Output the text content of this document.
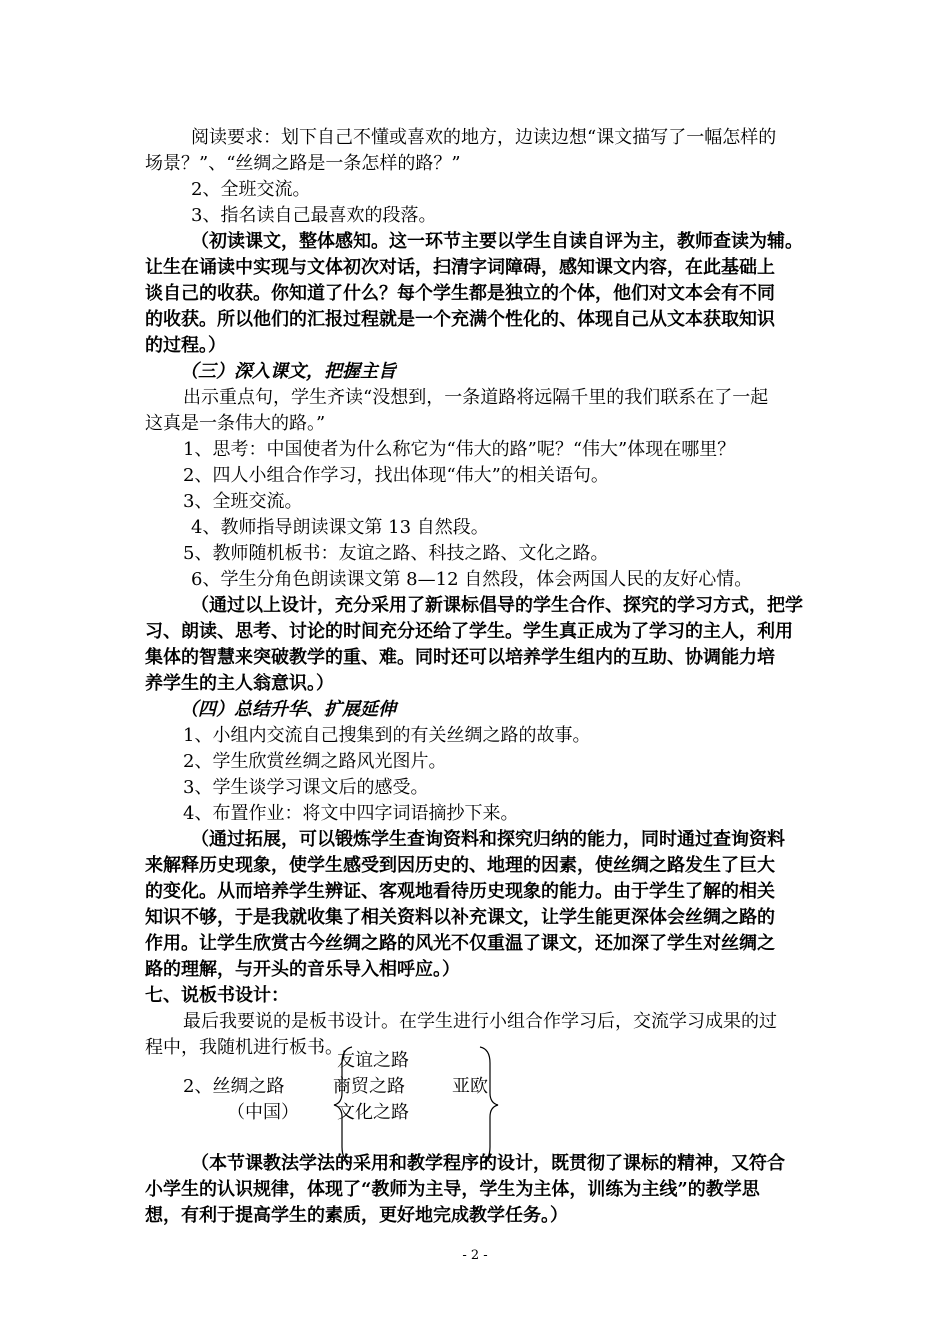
阅读要求：划下自己不懂或喜欢的地方，边读边想“课文描写了一幅怎样的
场景？”、“丝绸之路是一条怎样的路？”
2、全班交流。
3、指名读自己最喜欢的段落。
（初读课文，整体感知。这一环节主要以学生自读自评为主，教师查读为辅。
让生在诵读中实现与文体初次对话，扫清字词障碍，感知课文内容，在此基础上
谈自己的收获。你知道了什么？每个学生都是独立的个体，他们对文本会有不同
的收获。所以他们的汇报过程就是一个充满个性化的、体现自己从文本获取知识
的过程。）
（三）深入课文，把握主旨
出示重点句，学生齐读“没想到，一条道路将远隔千里的我们联系在了一起
这真是一条伟大的路。”
1、思考：中国使者为什么称它为“伟大的路”呢？“伟大”体现在哪里？
2、四人小组合作学习，找出体现“伟大”的相关语句。
3、全班交流。
4、教师指导朗读课文第 13 自然段。
5、教师随机板书：友谊之路、科技之路、文化之路。
6、学生分角色朗读课文第 8—12 自然段，体会两国人民的友好心情。
（通过以上设计，充分采用了新课标倡导的学生合作、探究的学习方式，把学
习、朗读、思考、讨论的时间充分还给了学生。学生真正成为了学习的主人，利用
集体的智慧来突破教学的重、难。同时还可以培养学生组内的互助、协调能力培
养学生的主人翁意识。）
（四）总结升华、扩展延伸
1、小组内交流自己搜集到的有关丝绸之路的故事。
2、学生欣赏丝绸之路风光图片。
3、学生谈学习课文后的感受。
4、布置作业：将文中四字词语摘抄下来。
（通过拓展，可以锻炼学生查询资料和探究归纳的能力，同时通过查询资料
来解释历史现象，使学生感受到因历史的、地理的因素，使丝绸之路发生了巨大
的变化。从而培养学生辨证、客观地看待历史现象的能力。由于学生了解的相关
知识不够，于是我就收集了相关资料以补充课文，让学生能更深体会丝绸之路的
作用。让学生欣赏古今丝绸之路的风光不仅重温了课文，还加深了学生对丝绸之
路的理解，与开头的音乐导入相呼应。）
七、说板书设计：
最后我要说的是板书设计。在学生进行小组合作学习后，交流学习成果的过
程中，我随机进行板书。
2、丝绸之路
（中国）
友谊之路
商贸之路
文化之路
亚欧
（本节课教法学法的采用和教学程序的设计，既贯彻了课标的精神，又符合
小学生的认识规律，体现了“教师为主导，学生为主体，训练为主线”的教学思
想，有利于提高学生的素质，更好地完成教学任务。）
- 2 -
